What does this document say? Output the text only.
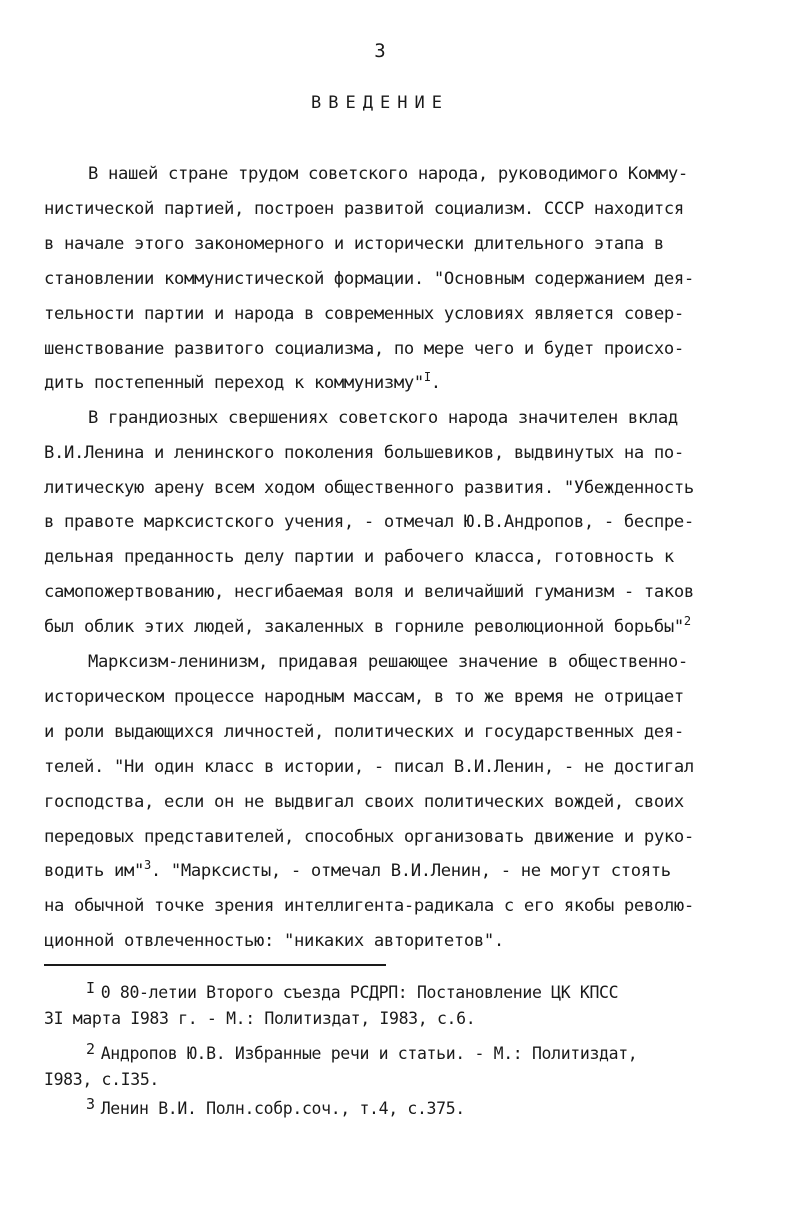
3
ВВЕДЕНИЕ
В нашей стране трудом советского народа, руководимого Комму-
нистической партией, построен развитой социализм. СССР находится
в начале этого закономерного и исторически длительного этапа в
становлении коммунистической формации. "Основным содержанием дея-
тельности партии и народа в современных условиях является совер-
шенствование развитого социализма, по мере чего и будет происхо-
дить постепенный переход к коммунизму"$^I$.
В грандиозных свершениях советского народа значителен вклад
В.И.Ленина и ленинского поколения большевиков, выдвинутых на по-
литическую арену всем ходом общественного развития. "Убежденность
в правоте марксистского учения, - отмечал Ю.В.Андропов, - беспре-
дельная преданность делу партии и рабочего класса, готовность к
самопожертвованию, несгибаемая воля и величайший гуманизм - таков
был облик этих людей, закаленных в горниле революционной борьбы"$^2$
Марксизм-ленинизм, придавая решающее значение в общественно-
историческом процессе народным массам, в то же время не отрицает
и роли выдающихся личностей, политических и государственных дея-
телей. "Ни один класс в истории, - писал В.И.Ленин, - не достигал
господства, если он не выдвигал своих политических вождей, своих
передовых представителей, способных организовать движение и руко-
водить им"$^3$. "Марксисты, - отмечал В.И.Ленин, - не могут стоять
на обычной точке зрения интеллигента-радикала с его якобы револю-
ционной отвлеченностью: "никаких авторитетов".
I 0 80-летии Второго съезда РСДРП: Постановление ЦК КПСС
3I марта I983 г. - М.: Политиздат, I983, с.6.
2 Андропов Ю.В. Избранные речи и статьи. - М.: Политиздат,
I983, с.I35.
3 Ленин В.И. Полн.собр.соч., т.4, с.375.
